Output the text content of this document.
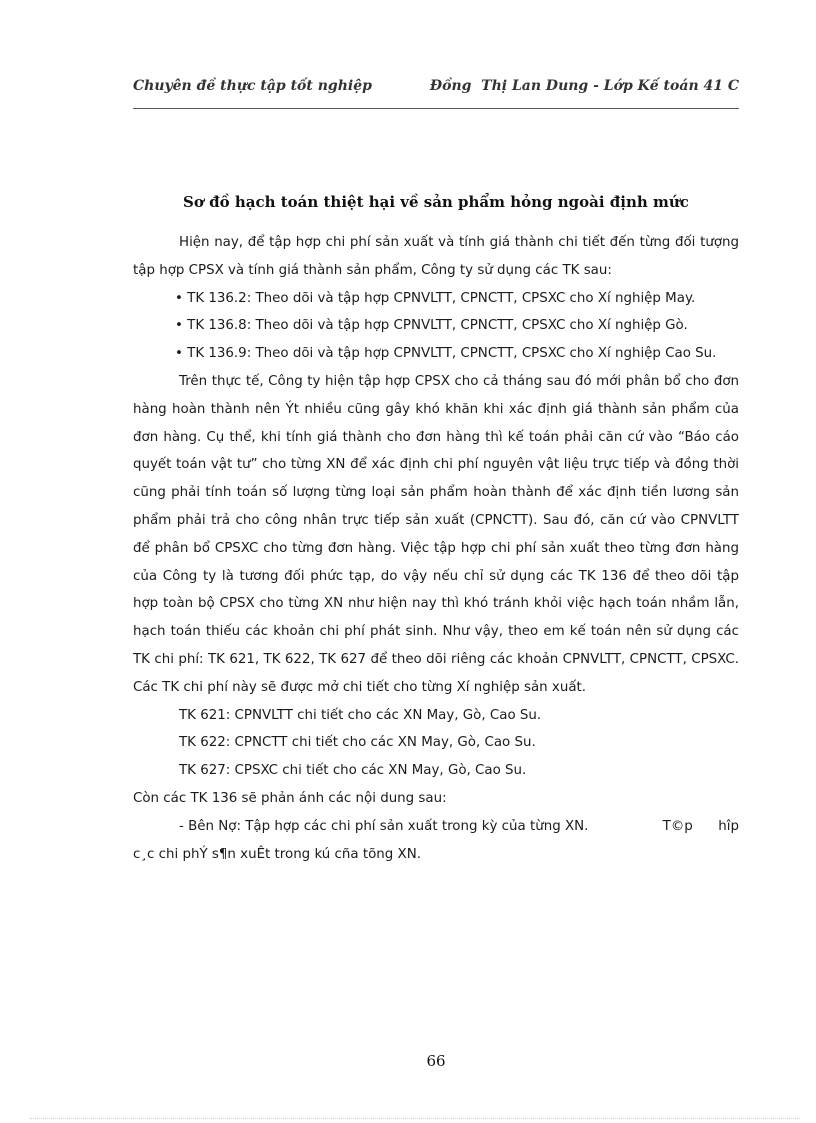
Chuyên đề thực tập tốt nghiệp	Đồng  Thị Lan Dung - Lớp Kế toán 41 C
Sơ đồ hạch toán thiệt hại về sản phẩm hỏng ngoài định mức

Hiện nay, để tập hợp chi phí sản xuất và tính giá thành chi tiết đến từng đối tượng tập hợp CPSX và tính giá thành sản phẩm, Công ty sử dụng các TK sau:

• TK 136.2: Theo dõi và tập hợp CPNVLTT, CPNCTT, CPSXC cho Xí nghiệp May.

• TK 136.8: Theo dõi và tập hợp CPNVLTT, CPNCTT, CPSXC cho Xí nghiệp Gò.

• TK 136.9: Theo dõi và tập hợp CPNVLTT, CPNCTT, CPSXC cho Xí nghiệp Cao Su.

Trên thực tế, Công ty hiện tập hợp CPSX cho cả tháng sau đó mới phân bổ cho đơn hàng hoàn thành nên Ýt nhiều cũng gây khó khăn khi xác định giá thành sản phẩm của đơn hàng. Cụ thể, khi tính giá thành cho đơn hàng thì kế toán phải căn cứ vào “Báo cáo quyết toán vật tư” cho từng XN để xác định chi phí nguyên vật liệu trực tiếp và đồng thời cũng phải tính toán số lượng từng loại sản phẩm hoàn thành để xác định tiền lương sản phẩm phải trả cho công nhân trực tiếp sản xuất (CPNCTT). Sau đó, căn cứ vào CPNVLTT để phân bổ CPSXC cho từng đơn hàng. Việc tập hợp chi phí sản xuất theo từng đơn hàng của Công ty là tương đối phức tạp, do vậy nếu chỉ sử dụng các TK 136 để theo dõi tập hợp toàn bộ CPSX cho từng XN như hiện nay thì khó tránh khỏi việc hạch toán nhầm lẫn, hạch toán thiếu các khoản chi phí phát sinh. Như vậy, theo em kế toán nên sử dụng các TK chi phí: TK 621, TK 622, TK 627 để theo dõi riêng các khoản CPNVLTT, CPNCTT, CPSXC. Các TK chi phí này sẽ được mở chi tiết cho từng Xí nghiệp sản xuất.

TK 621: CPNVLTT chi tiết cho các XN May, Gò, Cao Su.

TK 622: CPNCTT chi tiết cho các XN May, Gò, Cao Su.

TK 627: CPSXC chi tiết cho các XN May, Gò, Cao Su.

Còn các TK 136 sẽ phản ánh các nội dung sau:

- Bên Nợ: Tập hợp các chi phí sản xuất trong kỳ của từng XN.	T©p      hîp

c¸c chi phÝ s¶n xuÊt trong kú cña tõng XN.

66
